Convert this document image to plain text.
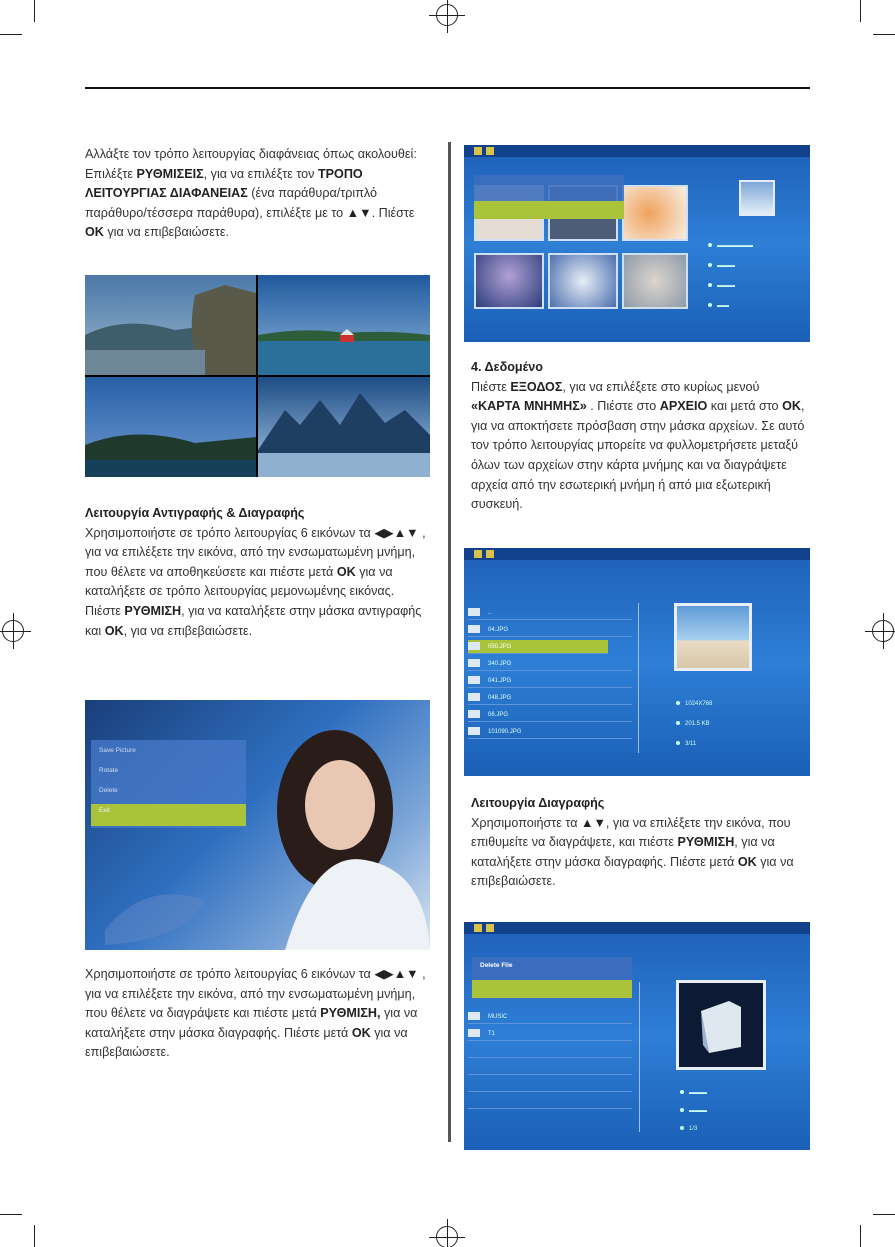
Αλλάξτε τον τρόπο λειτουργίας διαφάνειας όπως ακολουθεί: Επιλέξτε ΡΥΘΜΙΣΕΙΣ, για να επιλέξτε τον ΤΡΟΠΟ ΛΕΙΤΟΥΡΓΙΑΣ ΔΙΑΦΑΝΕΙΑΣ (ένα παράθυρα/τριπλό παράθυρο/τέσσερα παράθυρα), επιλέξτε με το ▲▼. Πιέστε OK για να επιβεβαιώσετε.
Λειτουργία Αντιγραφής & Διαγραφής
Χρησιμοποιήστε σε τρόπο λειτουργίας 6 εικόνων τα ◀▶▲▼ , για να επιλέξετε την εικόνα, από την ενσωματωμένη μνήμη, που θέλετε να αποθηκεύσετε και πιέστε μετά OK για να καταλήξετε σε τρόπο λειτουργίας μεμονωμένης εικόνας. Πιέστε ΡΥΘΜΙΣΗ, για να καταλήξετε στην μάσκα αντιγραφής και OK, για να επιβεβαιώσετε.
Save Picture
Rotate
Delete
Exit
Χρησιμοποιήστε σε τρόπο λειτουργίας 6 εικόνων τα ◀▶▲▼ , για να επιλέξετε την εικόνα, από την ενσωματωμένη μνήμη, που θέλετε να διαγράψετε και πιέστε μετά ΡΥΘΜΙΣΗ, για να καταλήξετε στην μάσκα διαγραφής. Πιέστε μετά OK για να επιβεβαιώσετε.
▬▬▬▬▬▬
▬▬▬
▬▬▬
▬▬
4. Δεδομένο
Πιέστε ΕΞΟΔΟΣ, για να επιλέξετε στο κυρίως μενού «ΚΑΡΤΑ ΜΝΗΜΗΣ» . Πιέστε στο ΑΡΧΕΙΟ και μετά στο OK, για να αποκτήσετε πρόσβαση στην μάσκα αρχείων. Σε αυτό τον τρόπο λειτουργίας μπορείτε να φυλλομετρήσετε μεταξύ όλων των αρχείων στην κάρτα μνήμης και να διαγράψετε αρχεία από την εσωτερική μνήμη ή από μια εξωτερική συσκευή.
..
04.JPG
050.JPG
340.JPG
041.JPG
048.JPG
06.JPG
101090.JPG
1024X768
201.5 KB
3/11
Λειτουργία Διαγραφής
Χρησιμοποιήστε τα ▲▼, για να επιλέξετε την εικόνα, που επιθυμείτε να διαγράψετε, και πιέστε ΡΥΘΜΙΣΗ, για να καταλήξετε στην μάσκα διαγραφής. Πιέστε μετά OK για να επιβεβαιώσετε.
Delete File
MUSIC
T1
▬▬▬
▬▬▬
1/3
